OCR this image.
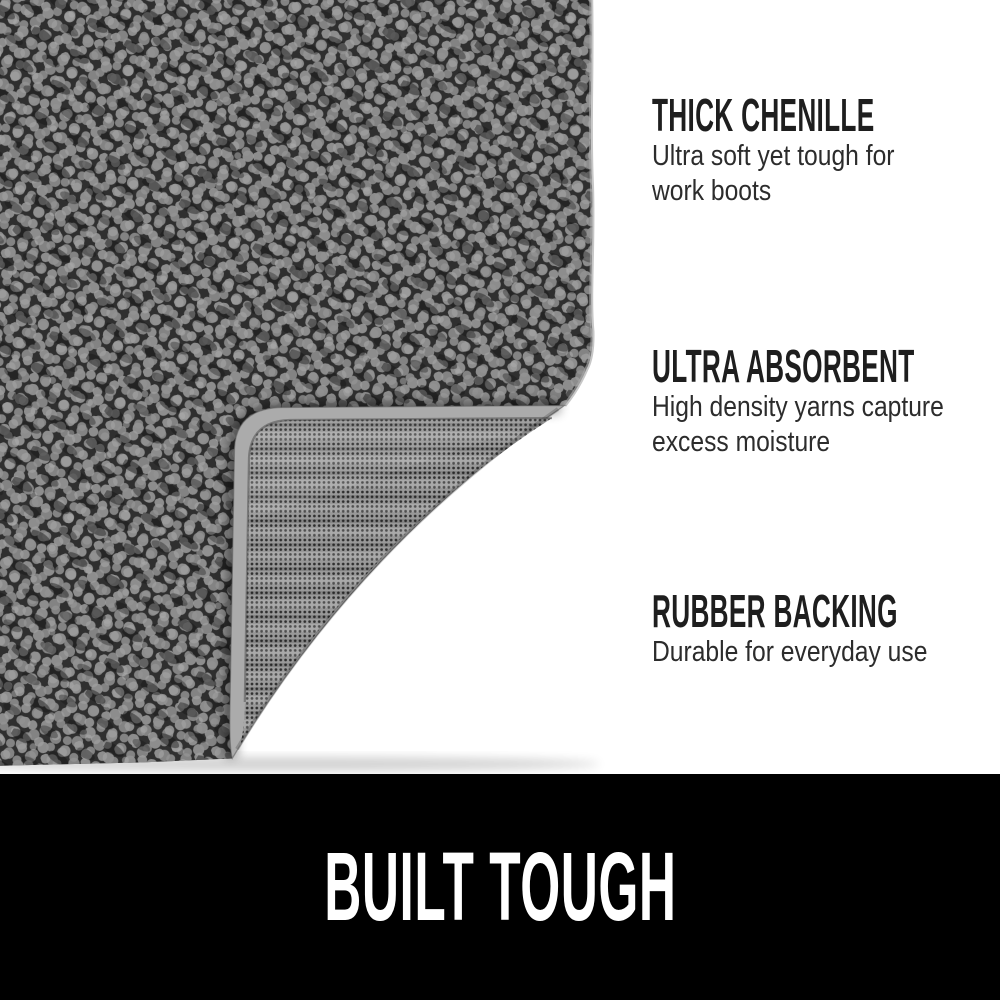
THICK CHENILLE
Ultra soft yet tough for
work boots
ULTRA ABSORBENT
High density yarns capture
excess moisture
RUBBER BACKING
Durable for everyday use
BUILT TOUGH
